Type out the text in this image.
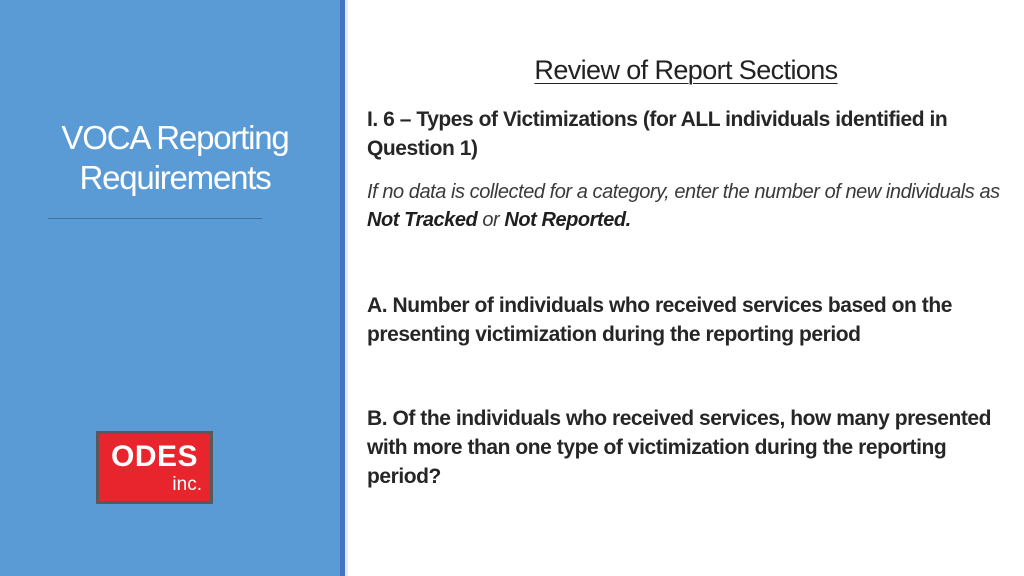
VOCA Reporting
Requirements
ODES
inc.
Review of Report Sections
I. 6 – Types of Victimizations (for ALL individuals identified in Question 1)
If no data is collected for a category, enter the number of new individuals as Not Tracked or Not Reported.
A. Number of individuals who received services based on the presenting victimization during the reporting period
B. Of the individuals who received services, how many presented with more than one type of victimization during the reporting period?
